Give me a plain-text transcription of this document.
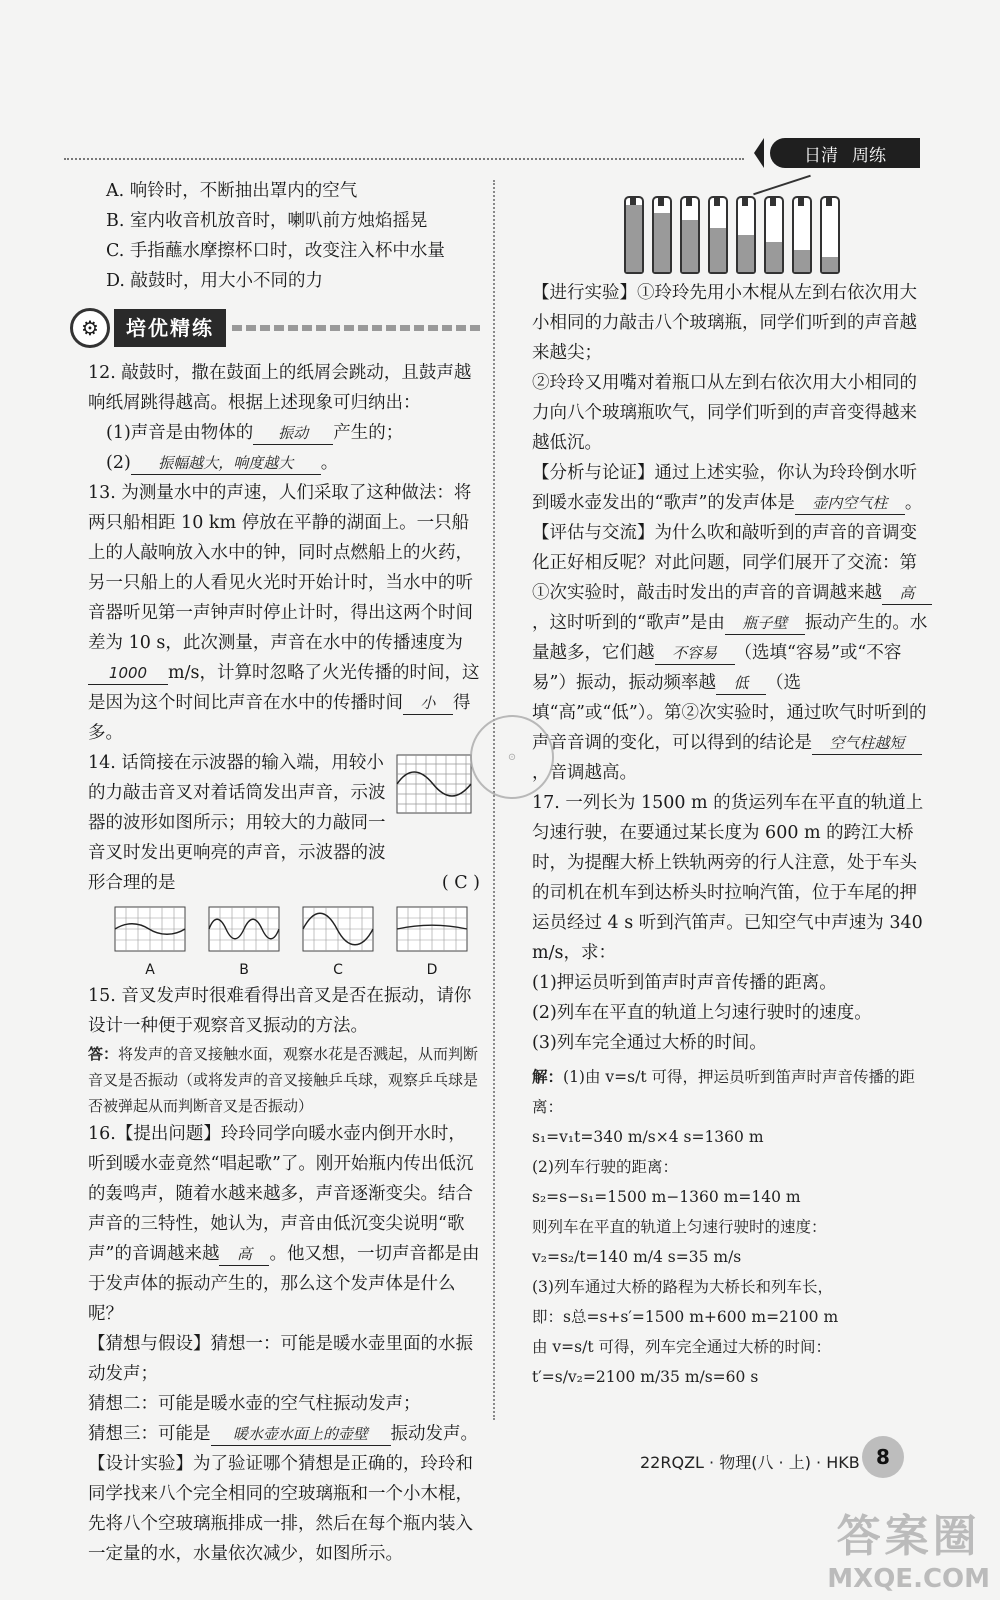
日清 周练
A. 响铃时，不断抽出罩内的空气
B. 室内收音机放音时，喇叭前方烛焰摇晃
C. 手指蘸水摩擦杯口时，改变注入杯中水量
D. 敲鼓时，用大小不同的力
⚙	培优精练
12. 敲鼓时，撒在鼓面上的纸屑会跳动，且鼓声越响纸屑跳得越高。根据上述现象可归纳出：
(1)声音是由物体的 振动 产生的；
(2) 振幅越大，响度越大 。
13. 为测量水中的声速，人们采取了这种做法：将两只船相距 10 km 停放在平静的湖面上。一只船上的人敲响放入水中的钟，同时点燃船上的火药，另一只船上的人看见火光时开始计时，当水中的听音器听见第一声钟声时停止计时，得出这两个时间差为 10 s，此次测量，声音在水中的传播速度为1000 m/s，计算时忽略了火光传播的时间，这是因为这个时间比声音在水中的传播时间 小 得多。
14. 话筒接在示波器的输入端，用较小的力敲击音叉对着话筒发出声音，示波器的波形如图所示；用较大的力敲同一音叉时发出更响亮的声音，示波器的波形合理的是	( C )
A	B	C	D
15. 音叉发声时很难看得出音叉是否在振动，请你设计一种便于观察音叉振动的方法。
答：将发声的音叉接触水面，观察水花是否溅起，从而判断音叉是否振动（或将发声的音叉接触乒乓球，观察乒乓球是否被弹起从而判断音叉是否振动）
16.【提出问题】玲玲同学向暖水壶内倒开水时，听到暖水壶竟然“唱起歌”了。刚开始瓶内传出低沉的轰鸣声，随着水越来越多，声音逐渐变尖。结合声音的三特性，她认为，声音由低沉变尖说明“歌声”的音调越来越 高 。他又想，一切声音都是由于发声体的振动产生的，那么这个发声体是什么呢？
【猜想与假设】猜想一：可能是暖水壶里面的水振动发声；
猜想二：可能是暖水壶的空气柱振动发声；
猜想三：可能是 暖水壶水面上的壶壁 振动发声。
【设计实验】为了验证哪个猜想是正确的，玲玲和同学找来八个完全相同的空玻璃瓶和一个小木棍，先将八个空玻璃瓶排成一排，然后在每个瓶内装入一定量的水，水量依次减少，如图所示。
【进行实验】①玲玲先用小木棍从左到右依次用大小相同的力敲击八个玻璃瓶，同学们听到的声音越来越尖；
②玲玲又用嘴对着瓶口从左到右依次用大小相同的力向八个玻璃瓶吹气，同学们听到的声音变得越来越低沉。
【分析与论证】通过上述实验，你认为玲玲倒水听到暖水壶发出的“歌声”的发声体是 壶内空气柱 。
【评估与交流】为什么吹和敲听到的声音的音调变化正好相反呢？对此问题，同学们展开了交流：第①次实验时，敲击时发出的声音的音调越来越 高，这时听到的“歌声”是由 瓶子壁 振动产生的。水量越多，它们越 不容易 （选填“容易”或“不容易”）振动，振动频率越 低 （选填“高”或“低”）。第②次实验时，通过吹气时听到的声音音调的变化，可以得到的结论是 空气柱越短，音调越高。
17. 一列长为 1500 m 的货运列车在平直的轨道上匀速行驶，在要通过某长度为 600 m 的跨江大桥时，为提醒大桥上铁轨两旁的行人注意，处于车头的司机在机车到达桥头时拉响汽笛，位于车尾的押运员经过 4 s 听到汽笛声。已知空气中声速为 340 m/s，求：
(1)押运员听到笛声时声音传播的距离。
(2)列车在平直的轨道上匀速行驶时的速度。
(3)列车完全通过大桥的时间。
解：(1)由 v=s/t 可得，押运员听到笛声时声音传播的距离：
s₁=v₁t=340 m/s×4 s=1360 m
(2)列车行驶的距离：
s₂=s−s₁=1500 m−1360 m=140 m
则列车在平直的轨道上匀速行驶时的速度：
v₂=s₂/t=140 m/4 s=35 m/s
(3)列车通过大桥的路程为大桥长和列车长，
即：s总=s+s′=1500 m+600 m=2100 m
由 v=s/t 可得，列车完全通过大桥的时间：
t′=s/v₂=2100 m/35 m/s=60 s
⊙
22RQZL · 物理(八 · 上) · HKB 8
答案圈
MXQE.COM
